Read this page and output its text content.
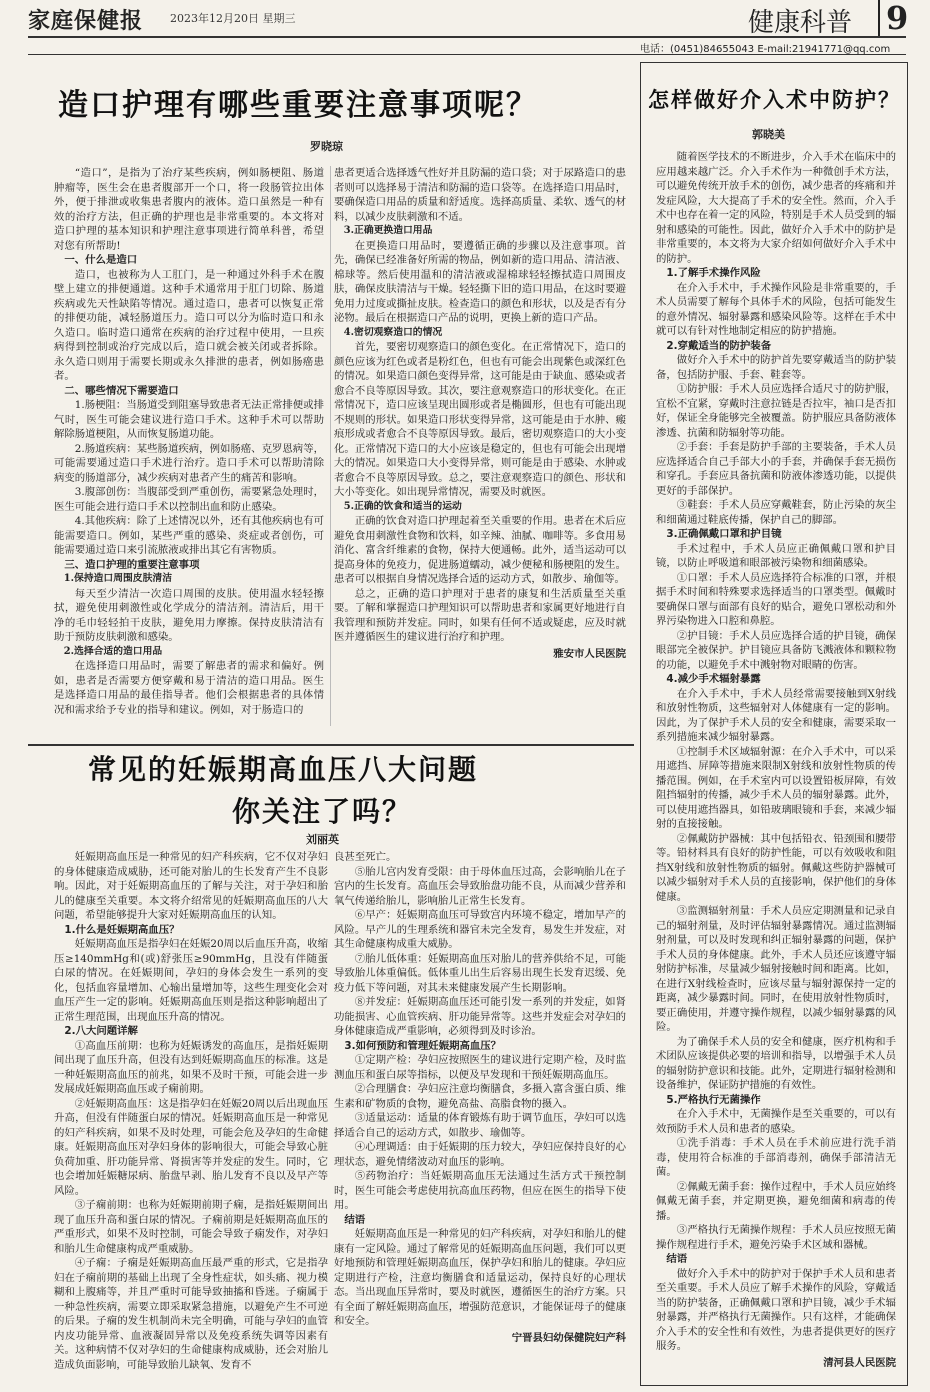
家庭保健报 2023年12月20日 星期三	健康科普 9
电话：(0451)84655043 E-mail:21941771@qq.com
造口护理有哪些重要注意事项呢？
罗晓琼

“造口”，是指为了治疗某些疾病，例如肠梗阻、肠道肿瘤等，医生会在患者腹部开一个口，将一段肠管拉出体外，便于排泄或收集患者腹内的液体。造口虽然是一种有效的治疗方法，但正确的护理也是非常重要的。本文将对造口护理的基本知识和护理注意事项进行简单科普，希望对您有所帮助!

一、什么是造口

造口，也被称为人工肛门，是一种通过外科手术在腹壁上建立的排便通道。这种手术通常用于肛门切除、肠道疾病或先天性缺陷等情况。通过造口，患者可以恢复正常的排便功能，减轻肠道压力。造口可以分为临时造口和永久造口。临时造口通常在疾病的治疗过程中使用，一旦疾病得到控制或治疗完成以后，造口就会被关闭或者拆除。永久造口则用于需要长期或永久排泄的患者，例如肠癌患者。

二、哪些情况下需要造口

1.肠梗阻：当肠道受到阻塞导致患者无法正常排便或排气时，医生可能会建议进行造口手术。这种手术可以帮助解除肠道梗阻，从而恢复肠道功能。

2.肠道疾病：某些肠道疾病，例如肠癌、克罗恩病等，可能需要通过造口手术进行治疗。造口手术可以帮助清除病变的肠道部分，减少疾病对患者产生的痛苦和影响。

3.腹部创伤：当腹部受到严重创伤，需要紧急处理时，医生可能会进行造口手术以控制出血和防止感染。

4.其他疾病：除了上述情况以外，还有其他疾病也有可能需要造口。例如，某些严重的感染、炎症或者创伤，可能需要通过造口来引流脓液或排出其它有害物质。

三、造口护理的重要注意事项

1.保持造口周围皮肤清洁

每天至少清洁一次造口周围的皮肤。使用温水轻轻擦拭，避免使用刺激性或化学成分的清洁剂。清洁后，用干净的毛巾轻轻拍干皮肤，避免用力摩擦。保持皮肤清洁有助于预防皮肤刺激和感染。

2.选择合适的造口用品

在选择造口用品时，需要了解患者的需求和偏好。例如，患者是否需要方便穿戴和易于清洁的造口用品。医生是选择造口用品的最佳指导者。他们会根据患者的具体情况和需求给予专业的指导和建议。例如，对于肠造口的

患者更适合选择透气性好并且防漏的造口袋；对于尿路造口的患者则可以选择易于清洁和防漏的造口袋等。在选择造口用品时，要确保造口用品的质量和舒适度。选择高质量、柔软、透气的材料，以减少皮肤刺激和不适。

3.正确更换造口用品

在更换造口用品时，要遵循正确的步骤以及注意事项。首先，确保已经准备好所需的物品，例如新的造口用品、清洁液、棉球等。然后使用温和的清洁液或湿棉球轻轻擦拭造口周围皮肤，确保皮肤清洁与干燥。轻轻撕下旧的造口用品，在这时要避免用力过度或撕扯皮肤。检查造口的颜色和形状，以及是否有分泌物。最后在根据造口产品的说明，更换上新的造口产品。

4.密切观察造口的情况

首先，要密切观察造口的颜色变化。在正常情况下，造口的颜色应该为红色或者是粉红色，但也有可能会出现紫色或深红色的情况。如果造口颜色变得异常，这可能是由于缺血、感染或者愈合不良等原因导致。其次，要注意观察造口的形状变化。在正常情况下，造口应该呈现出圆形或者是椭圆形，但也有可能出现不规则的形状。如果造口形状变得异常，这可能是由于水肿、瘢痕形成或者愈合不良等原因导致。最后，密切观察造口的大小变化。正常情况下造口的大小应该是稳定的，但也有可能会出现增大的情况。如果造口大小变得异常，则可能是由于感染、水肿或者愈合不良等原因导致。总之，要注意观察造口的颜色、形状和大小等变化。如出现异常情况，需要及时就医。

5.正确的饮食和适当的运动

正确的饮食对造口护理起着至关重要的作用。患者在术后应避免食用刺激性食物和饮料，如辛辣、油腻、咖啡等。多食用易消化、富含纤维素的食物，保持大便通畅。此外，适当运动可以提高身体的免疫力，促进肠道蠕动，减少便秘和肠梗阻的发生。患者可以根据自身情况选择合适的运动方式，如散步、瑜伽等。

总之，正确的造口护理对于患者的康复和生活质量至关重要。了解和掌握造口护理知识可以帮助患者和家属更好地进行自我管理和预防并发症。同时，如果有任何不适或疑虑，应及时就医并遵循医生的建议进行治疗和护理。

雅安市人民医院

常见的妊娠期高血压八大问题
你关注了吗？
刘丽英

妊娠期高血压是一种常见的妇产科疾病，它不仅对孕妇的身体健康造成威胁，还可能对胎儿的生长发育产生不良影响。因此，对于妊娠期高血压的了解与关注，对于孕妇和胎儿的健康至关重要。本文将介绍常见的妊娠期高血压的八大问题，希望能够提升大家对妊娠期高血压的认知。

1.什么是妊娠期高血压？

妊娠期高血压是指孕妇在妊娠20周以后血压升高，收缩压≥140mmHg和(或)舒张压≥90mmHg，且没有伴随蛋白尿的情况。在妊娠期间，孕妇的身体会发生一系列的变化，包括血容量增加、心输出量增加等，这些生理变化会对血压产生一定的影响。妊娠期高血压则是指这种影响超出了正常生理范围，出现血压升高的情况。

2.八大问题详解

①高血压前期：也称为妊娠诱发的高血压，是指妊娠期间出现了血压升高，但没有达到妊娠期高血压的标准。这是一种妊娠期高血压的前兆，如果不及时干预，可能会进一步发展成妊娠期高血压或子痫前期。

②妊娠期高血压：这是指孕妇在妊娠20周以后出现血压升高，但没有伴随蛋白尿的情况。妊娠期高血压是一种常见的妇产科疾病，如果不及时处理，可能会危及孕妇的生命健康。妊娠期高血压对孕妇身体的影响很大，可能会导致心脏负荷加重、肝功能异常、肾损害等并发症的发生。同时，它也会增加妊娠糖尿病、胎盘早剥、胎儿发育不良以及早产等风险。

③子痫前期：也称为妊娠期前期子痫，是指妊娠期间出现了血压升高和蛋白尿的情况。子痫前期是妊娠期高血压的严重形式，如果不及时控制，可能会导致子痫发作，对孕妇和胎儿生命健康构成严重威胁。

④子痫：子痫是妊娠期高血压最严重的形式，它是指孕妇在子痫前期的基础上出现了全身性症状，如头痛、视力模糊和上腹痛等，并且严重时可能导致抽搐和昏迷。子痫属于一种急性疾病，需要立即采取紧急措施，以避免产生不可逆的后果。子痫的发生机制尚未完全明确，可能与孕妇的血管内皮功能异常、血液凝固异常以及免疫系统失调等因素有关。这种病情不仅对孕妇的生命健康构成威胁，还会对胎儿造成负面影响，可能导致胎儿缺氧、发育不

良甚至死亡。

⑤胎儿宫内发育受限：由于母体血压过高，会影响胎儿在子宫内的生长发育。高血压会导致胎盘功能不良，从而减少营养和氧气传递给胎儿，影响胎儿正常生长发育。

⑥早产：妊娠期高血压可导致宫内环境不稳定，增加早产的风险。早产儿的生理系统和器官未完全发育，易发生并发症，对其生命健康构成重大威胁。

⑦胎儿低体重：妊娠期高血压对胎儿的营养供给不足，可能导致胎儿体重偏低。低体重儿出生后容易出现生长发育迟缓、免疫力低下等问题，对其未来健康发展产生长期影响。

⑧并发症：妊娠期高血压还可能引发一系列的并发症，如肾功能损害、心血管疾病、肝功能异常等。这些并发症会对孕妇的身体健康造成严重影响，必须得到及时诊治。

3.如何预防和管理妊娠期高血压？

①定期产检：孕妇应按照医生的建议进行定期产检，及时监测血压和蛋白尿等指标，以便及早发现和干预妊娠期高血压。

②合理膳食：孕妇应注意均衡膳食，多摄入富含蛋白质、维生素和矿物质的食物，避免高盐、高脂食物的摄入。

③适量运动：适量的体育锻炼有助于调节血压，孕妇可以选择适合自己的运动方式，如散步、瑜伽等。

④心理调适：由于妊娠期的压力较大，孕妇应保持良好的心理状态，避免情绪波动对血压的影响。

⑤药物治疗：当妊娠期高血压无法通过生活方式干预控制时，医生可能会考虑使用抗高血压药物，但应在医生的指导下使用。

结语

妊娠期高血压是一种常见的妇产科疾病，对孕妇和胎儿的健康有一定风险。通过了解常见的妊娠期高血压问题，我们可以更好地预防和管理妊娠期高血压，保护孕妇和胎儿的健康。孕妇应定期进行产检，注意均衡膳食和适量运动，保持良好的心理状态。当出现血压异常时，要及时就医，遵循医生的治疗方案。只有全面了解妊娠期高血压，增强防范意识，才能保证母子的健康和安全。

宁晋县妇幼保健院妇产科

怎样做好介入术中防护？
郭晓美

随着医学技术的不断进步，介入手术在临床中的应用越来越广泛。介入手术作为一种微创手术方法，可以避免传统开放手术的创伤，减少患者的疼痛和并发症风险，大大提高了手术的安全性。然而，介入手术中也存在着一定的风险，特别是手术人员受到的辐射和感染的可能性。因此，做好介入手术中的防护是非常重要的，本文将为大家介绍如何做好介入手术中的防护。

1.了解手术操作风险

在介入手术中，手术操作风险是非常重要的，手术人员需要了解每个具体手术的风险，包括可能发生的意外情况、辐射暴露和感染风险等。这样在手术中就可以有针对性地制定相应的防护措施。

2.穿戴适当的防护装备

做好介入手术中的防护首先要穿戴适当的防护装备，包括防护服、手套、鞋套等。

①防护服：手术人员应选择合适尺寸的防护服，宜松不宜紧，穿戴时注意拉链是否拉牢，袖口是否扣好，保证全身能够完全被覆盖。防护服应具备防液体渗透、抗菌和防辐射等功能。

②手套：手套是防护手部的主要装备，手术人员应选择适合自己手部大小的手套，并确保手套无损伤和穿孔。手套应具备抗菌和防液体渗透功能，以提供更好的手部保护。

③鞋套：手术人员应穿戴鞋套，防止污染的灰尘和细菌通过鞋底传播，保护自己的脚部。

3.正确佩戴口罩和护目镜

手术过程中，手术人员应正确佩戴口罩和护目镜，以防止呼吸道和眼部被污染物和细菌感染。

①口罩：手术人员应选择符合标准的口罩，并根据手术时间和特殊要求选择适当的口罩类型。佩戴时要确保口罩与面部有良好的贴合，避免口罩松动和外界污染物进入口腔和鼻腔。

②护目镜：手术人员应选择合适的护目镜，确保眼部完全被保护。护目镜应具备防飞溅液体和颗粒物的功能，以避免手术中溅射物对眼睛的伤害。

4.减少手术辐射暴露

在介入手术中，手术人员经常需要接触到X射线和放射性物质，这些辐射对人体健康有一定的影响。因此，为了保护手术人员的安全和健康，需要采取一系列措施来减少辐射暴露。

①控制手术区域辐射源：在介入手术中，可以采用遮挡、屏障等措施来限制X射线和放射性物质的传播范围。例如，在手术室内可以设置铅板屏障，有效阻挡辐射的传播，减少手术人员的辐射暴露。此外，可以使用遮挡器具，如铅玻璃眼镜和手套，来减少辐射的直接接触。

②佩戴防护器械：其中包括铅衣、铅颈围和腰带等。铅材料具有良好的防护性能，可以有效吸收和阻挡X射线和放射性物质的辐射。佩戴这些防护器械可以减少辐射对手术人员的直接影响，保护他们的身体健康。

③监测辐射剂量：手术人员应定期测量和记录自己的辐射剂量，及时评估辐射暴露情况。通过监测辐射剂量，可以及时发现和纠正辐射暴露的问题，保护手术人员的身体健康。此外，手术人员还应该遵守辐射防护标准，尽量减少辐射接触时间和距离。比如，在进行X射线检查时，应该尽量与辐射源保持一定的距离，减少暴露时间。同时，在使用放射性物质时，要正确使用，并遵守操作规程，以减少辐射暴露的风险。

为了确保手术人员的安全和健康，医疗机构和手术团队应该提供必要的培训和指导，以增强手术人员的辐射防护意识和技能。此外，定期进行辐射检测和设备维护，保证防护措施的有效性。

5.严格执行无菌操作

在介入手术中，无菌操作是至关重要的，可以有效预防手术人员和患者的感染。

①洗手消毒：手术人员在手术前应进行洗手消毒，使用符合标准的手部消毒剂，确保手部清洁无菌。

②佩戴无菌手套：操作过程中，手术人员应始终佩戴无菌手套，并定期更换，避免细菌和病毒的传播。

③严格执行无菌操作规程：手术人员应按照无菌操作规程进行手术，避免污染手术区域和器械。

结语

做好介入手术中的防护对于保护手术人员和患者至关重要。手术人员应了解手术操作的风险，穿戴适当的防护装备，正确佩戴口罩和护目镜，减少手术辐射暴露，并严格执行无菌操作。只有这样，才能确保介入手术的安全性和有效性，为患者提供更好的医疗服务。

清河县人民医院
